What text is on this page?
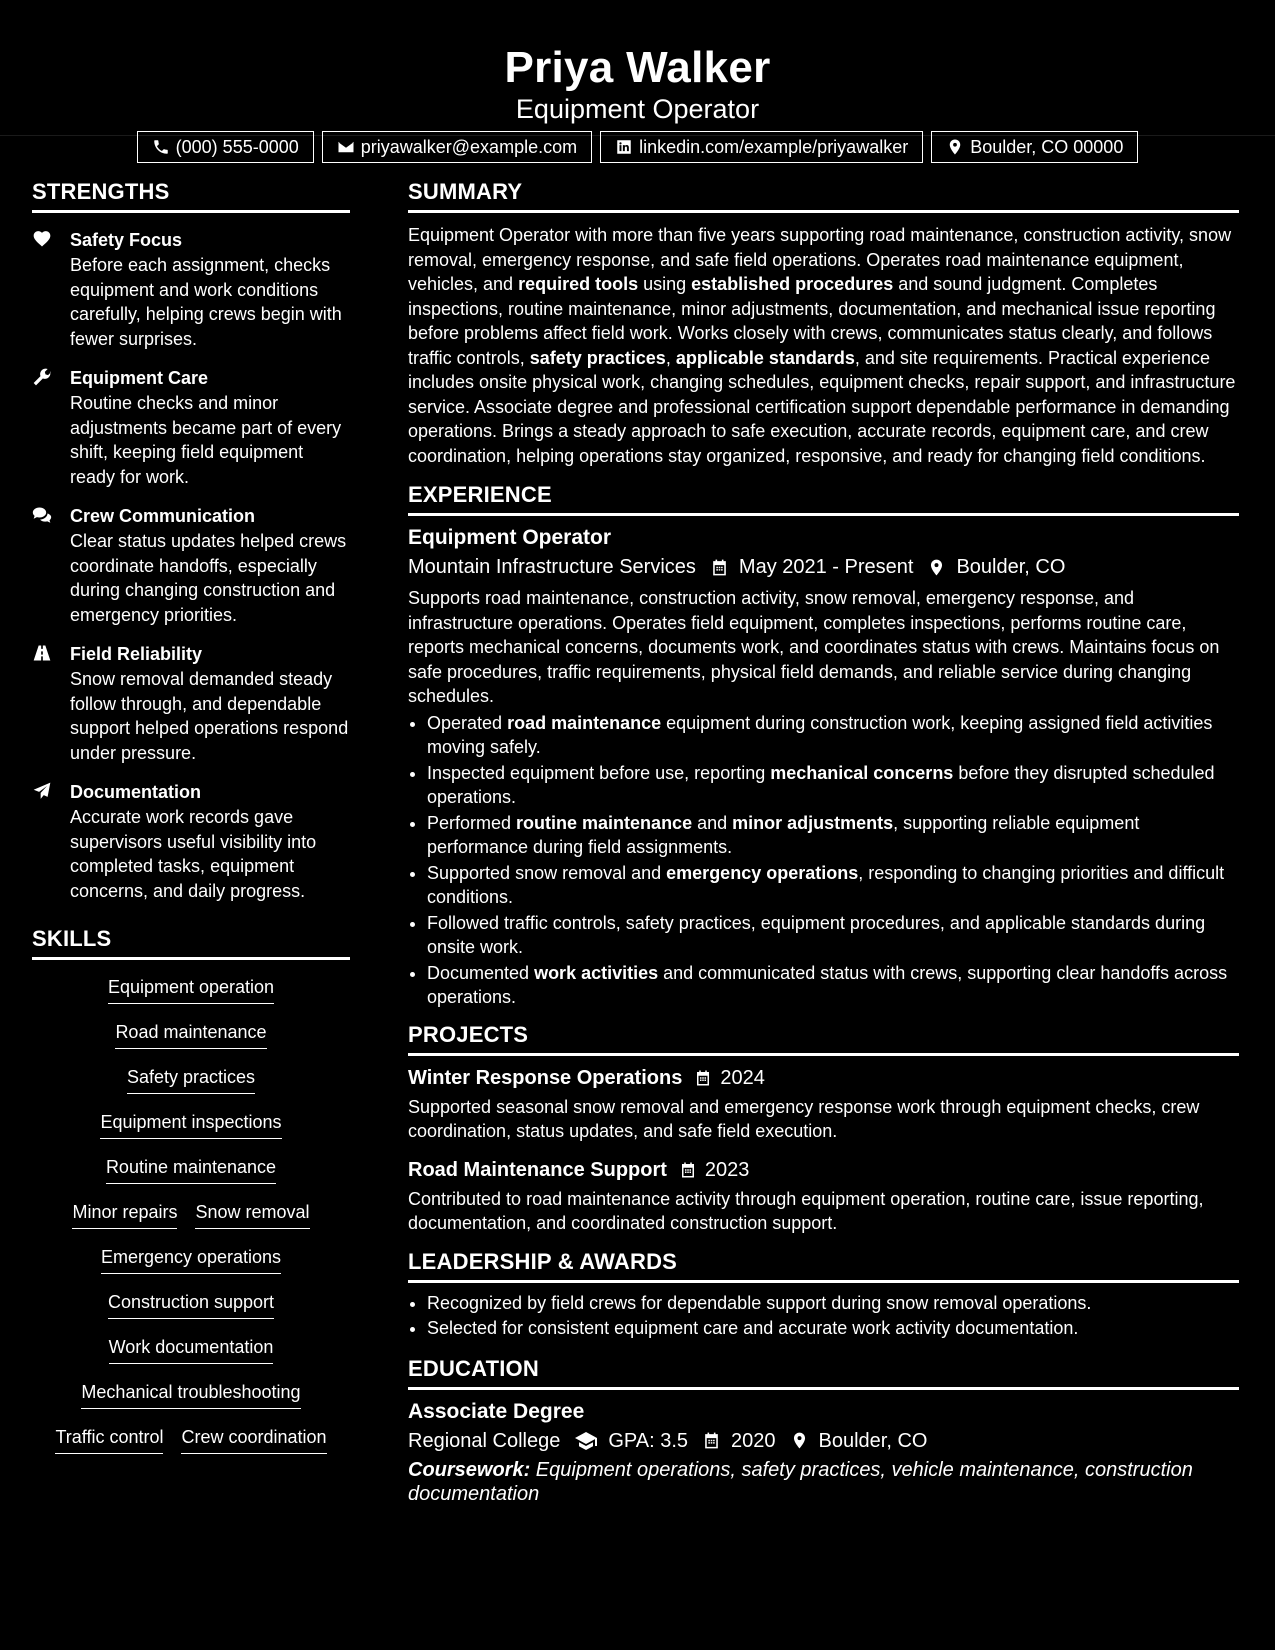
Priya Walker
Equipment Operator
(000) 555-0000	priyawalker@example.com	linkedin.com/example/priyawalker	Boulder, CO 00000
STRENGTHS
Safety Focus
Before each assignment, checks equipment and work conditions carefully, helping crews begin with fewer surprises.
Equipment Care
Routine checks and minor adjustments became part of every shift, keeping field equipment ready for work.
Crew Communication
Clear status updates helped crews coordinate handoffs, especially during changing construction and emergency priorities.
Field Reliability
Snow removal demanded steady follow through, and dependable support helped operations respond under pressure.
Documentation
Accurate work records gave supervisors useful visibility into completed tasks, equipment concerns, and daily progress.
SKILLS
Equipment operation
Road maintenance
Safety practices
Equipment inspections
Routine maintenance
Minor repairs Snow removal
Emergency operations
Construction support
Work documentation
Mechanical troubleshooting
Traffic control Crew coordination
SUMMARY
Equipment Operator with more than five years supporting road maintenance, construction activity, snow removal, emergency response, and safe field operations. Operates road maintenance equipment, vehicles, and required tools using established procedures and sound judgment. Completes inspections, routine maintenance, minor adjustments, documentation, and mechanical issue reporting before problems affect field work. Works closely with crews, communicates status clearly, and follows traffic controls, safety practices, applicable standards, and site requirements. Practical experience includes onsite physical work, changing schedules, equipment checks, repair support, and infrastructure service. Associate degree and professional certification support dependable performance in demanding operations. Brings a steady approach to safe execution, accurate records, equipment care, and crew coordination, helping operations stay organized, responsive, and ready for changing field conditions.
EXPERIENCE
Equipment Operator
Mountain Infrastructure Services May 2021 - Present Boulder, CO
Supports road maintenance, construction activity, snow removal, emergency response, and infrastructure operations. Operates field equipment, completes inspections, performs routine care, reports mechanical concerns, documents work, and coordinates status with crews. Maintains focus on safe procedures, traffic requirements, physical field demands, and reliable service during changing schedules.
• Operated road maintenance equipment during construction work, keeping assigned field activities moving safely.
• Inspected equipment before use, reporting mechanical concerns before they disrupted scheduled operations.
• Performed routine maintenance and minor adjustments, supporting reliable equipment performance during field assignments.
• Supported snow removal and emergency operations, responding to changing priorities and difficult conditions.
• Followed traffic controls, safety practices, equipment procedures, and applicable standards during onsite work.
• Documented work activities and communicated status with crews, supporting clear handoffs across operations.
PROJECTS
Winter Response Operations 2024
Supported seasonal snow removal and emergency response work through equipment checks, crew coordination, status updates, and safe field execution.
Road Maintenance Support 2023
Contributed to road maintenance activity through equipment operation, routine care, issue reporting, documentation, and coordinated construction support.
LEADERSHIP & AWARDS
• Recognized by field crews for dependable support during snow removal operations.
• Selected for consistent equipment care and accurate work activity documentation.
EDUCATION
Associate Degree
Regional College GPA: 3.5 2020 Boulder, CO
Coursework: Equipment operations, safety practices, vehicle maintenance, construction documentation
